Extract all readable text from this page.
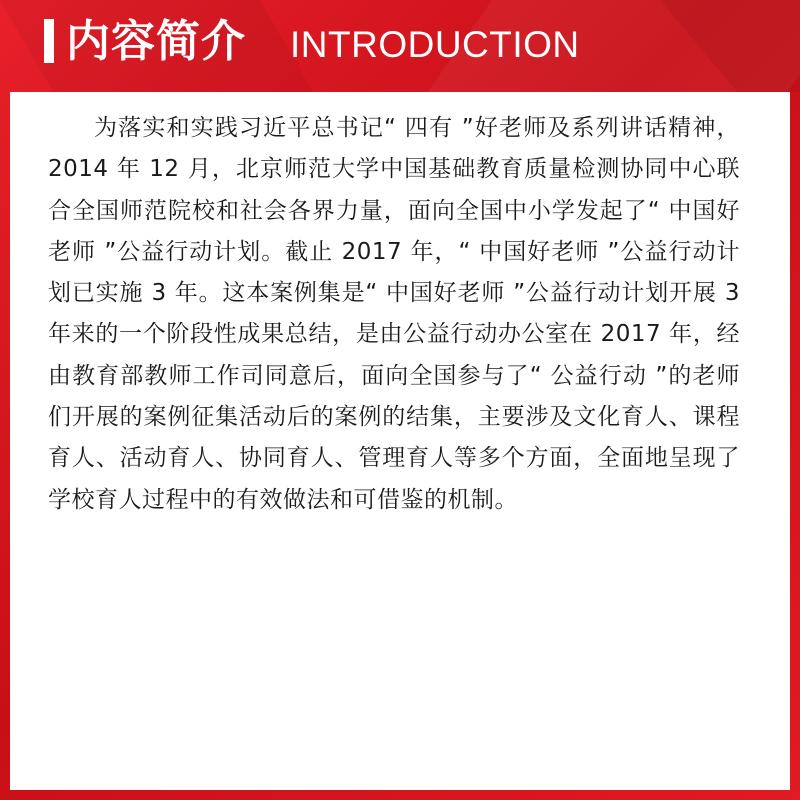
内容简介 INTRODUCTION

为落实和实践习近平总书记“ 四有 ”好老师及系列讲话精神，2014 年 12 月，北京师范大学中国基础教育质量检测协同中心联合全国师范院校和社会各界力量，面向全国中小学发起了“ 中国好老师 ”公益行动计划。截止 2017 年，“ 中国好老师 ”公益行动计划已实施 3 年。这本案例集是“ 中国好老师 ”公益行动计划开展 3 年来的一个阶段性成果总结，是由公益行动办公室在 2017 年，经由教育部教师工作司同意后，面向全国参与了“ 公益行动 ”的老师们开展的案例征集活动后的案例的结集，主要涉及文化育人、课程育人、活动育人、协同育人、管理育人等多个方面，全面地呈现了学校育人过程中的有效做法和可借鉴的机制。
